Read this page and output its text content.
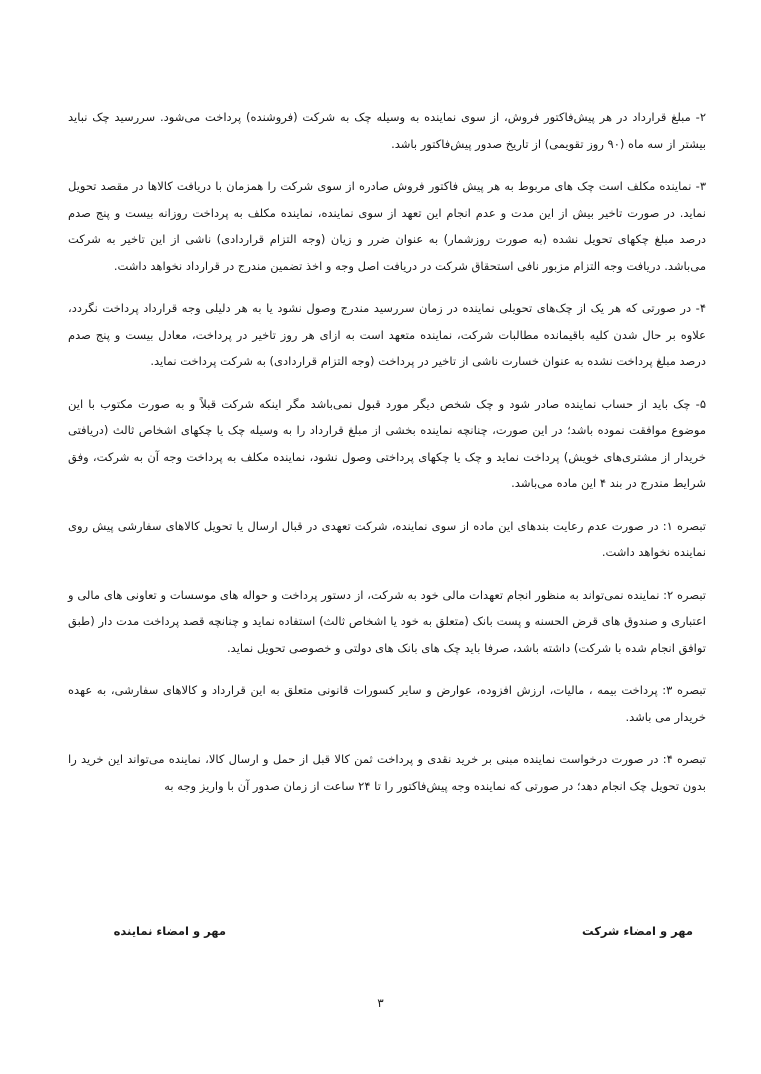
۲- مبلغ قرارداد در هر پیش‌فاکتور فروش، از سوی نماینده به وسیله چک به شرکت (فروشنده) پرداخت می‌شود. سررسید چک نباید بیشتر از سه ماه (۹۰ روز تقویمی) از تاریخ صدور پیش‌فاکتور باشد.

۳- نماینده مکلف است چک های مربوط به هر پیش فاکتور فروش صادره از سوی شرکت را همزمان با دریافت کالاها در مقصد تحویل نماید. در صورت تاخیر بیش از این مدت و عدم انجام این تعهد از سوی نماینده، نماینده مکلف به پرداخت روزانه بیست و پنج صدم درصد مبلغ چکهای تحویل نشده (به صورت روزشمار) به عنوان ضرر و زیان (وجه التزام قراردادی) ناشی از این تاخیر به شرکت می‌باشد. دریافت وجه التزام مزبور نافی استحقاق شرکت در دریافت اصل وجه و اخذ تضمین مندرج در قرارداد نخواهد داشت.

۴- در صورتی که هر یک از چک‌های تحویلی نماینده در زمان سررسید مندرج وصول نشود یا به هر دلیلی وجه قرارداد پرداخت نگردد، علاوه بر حال شدن کلیه باقیمانده مطالبات شرکت، نماینده متعهد است به ازای هر روز تاخیر در پرداخت، معادل بیست و پنج صدم درصد مبلغ پرداخت نشده به عنوان خسارت ناشی از تاخیر در پرداخت (وجه التزام قراردادی) به شرکت پرداخت نماید.

۵- چک باید از حساب نماینده صادر شود و چک شخص دیگر مورد قبول نمی‌باشد مگر اینکه شرکت قبلاً و به صورت مکتوب با این موضوع موافقت نموده باشد؛ در این صورت، چنانچه نماینده بخشی از مبلغ قرارداد را به وسیله چک یا چکهای اشخاص ثالث (دریافتی خریدار از مشتری‌های خویش) پرداخت نماید و چک یا چکهای پرداختی وصول نشود، نماینده مکلف به پرداخت وجه آن به شرکت، وفق شرایط مندرج در بند ۴ این ماده می‌باشد.

تبصره ۱: در صورت عدم رعایت بندهای این ماده از سوی نماینده، شرکت تعهدی در قبال ارسال یا تحویل کالاهای سفارشی پیش روی نماینده نخواهد داشت.

تبصره ۲: نماینده نمی‌تواند به منظور انجام تعهدات مالی خود به شرکت، از دستور پرداخت و حواله های موسسات و تعاونی های مالی و اعتباری و صندوق های قرض الحسنه و پست بانک (متعلق به خود یا اشخاص ثالث) استفاده نماید و چنانچه قصد پرداخت مدت دار (طبق توافق انجام شده با شرکت) داشته باشد، صرفا باید چک های بانک های دولتی و خصوصی تحویل نماید.

تبصره ۳: پرداخت بیمه ، مالیات، ارزش افزوده، عوارض و سایر کسورات قانونی متعلق به این قرارداد و کالاهای سفارشی، به عهده خریدار می باشد.

تبصره ۴: در صورت درخواست نماینده مبنی بر خرید نقدی و پرداخت ثمن کالا قبل از حمل و ارسال کالا، نماینده می‌تواند این خرید را بدون تحویل چک انجام دهد؛ در صورتی که نماینده وجه پیش‌فاکتور را تا ۲۴ ساعت از زمان صدور آن با واریز وجه به

مهر و امضاء شرکت
مهر و امضاء نماینده
۳
